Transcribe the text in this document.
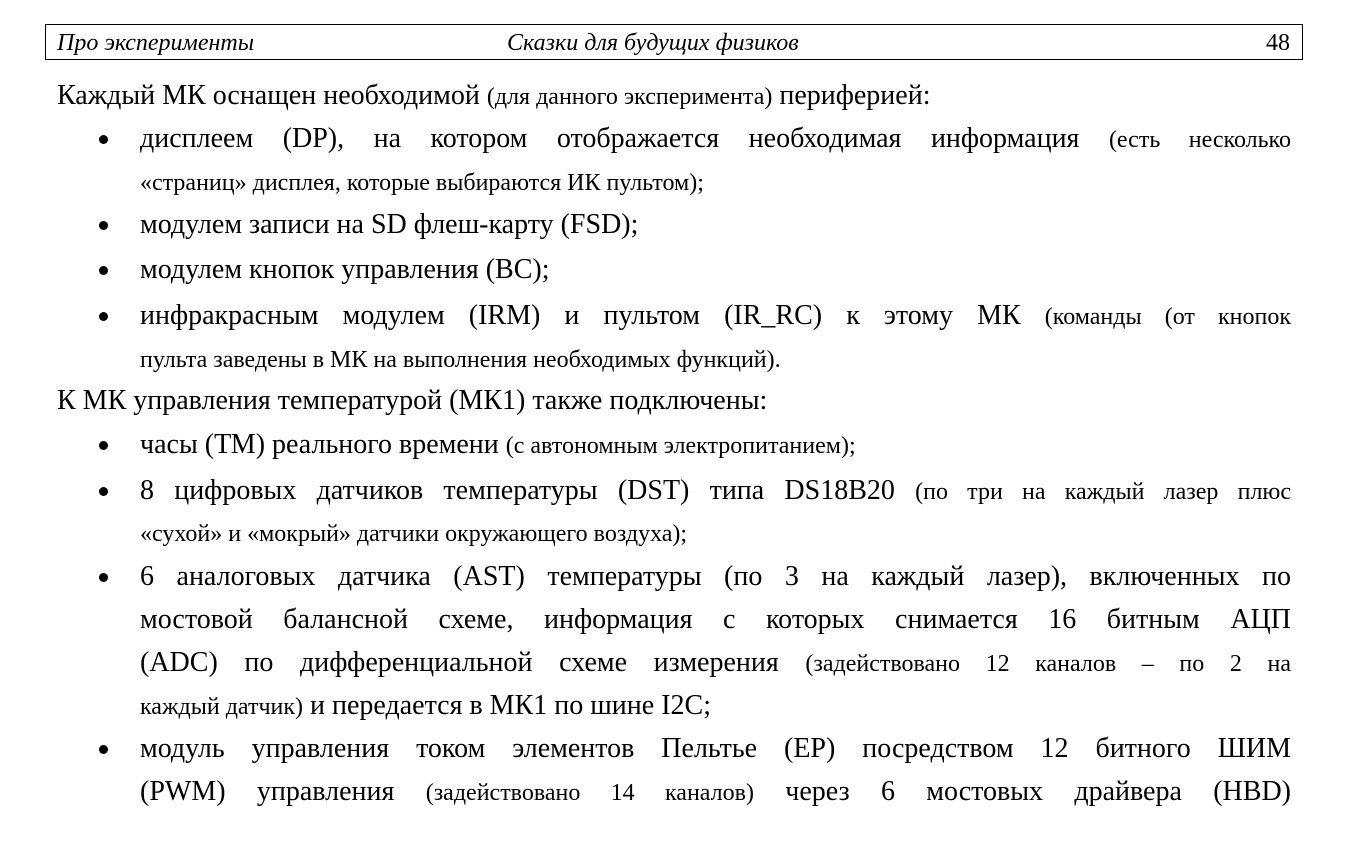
Про эксперименты	Сказки для будущих физиков	48
Каждый МК оснащен необходимой (для данного эксперимента) периферией:
дисплеем (DP), на котором отображается необходимая информация (есть несколько
«страниц» дисплея, которые выбираются ИК пультом);
модулем записи на SD флеш-карту (FSD);
модулем кнопок управления (BC);
инфракрасным модулем (IRM) и пультом (IR_RC) к этому МК (команды (от кнопок
пульта заведены в МК на выполнения необходимых функций).
К МК управления температурой (МК1) также подключены:
часы (ТМ) реального времени (с автономным электропитанием);
8 цифровых датчиков температуры (DST) типа DS18B20 (по три на каждый лазер плюс
«сухой» и «мокрый» датчики окружающего воздуха);
6 аналоговых датчика (AST) температуры (по 3 на каждый лазер), включенных по
мостовой балансной схеме, информация с которых снимается 16 битным АЦП
(ADC) по дифференциальной схеме измерения (задействовано 12 каналов – по 2 на
каждый датчик) и передается в МК1 по шине I2C;
модуль управления током элементов Пельтье (ЕР) посредством 12 битного ШИМ
(PWM) управления (задействовано 14 каналов) через 6 мостовых драйвера (HBD)
